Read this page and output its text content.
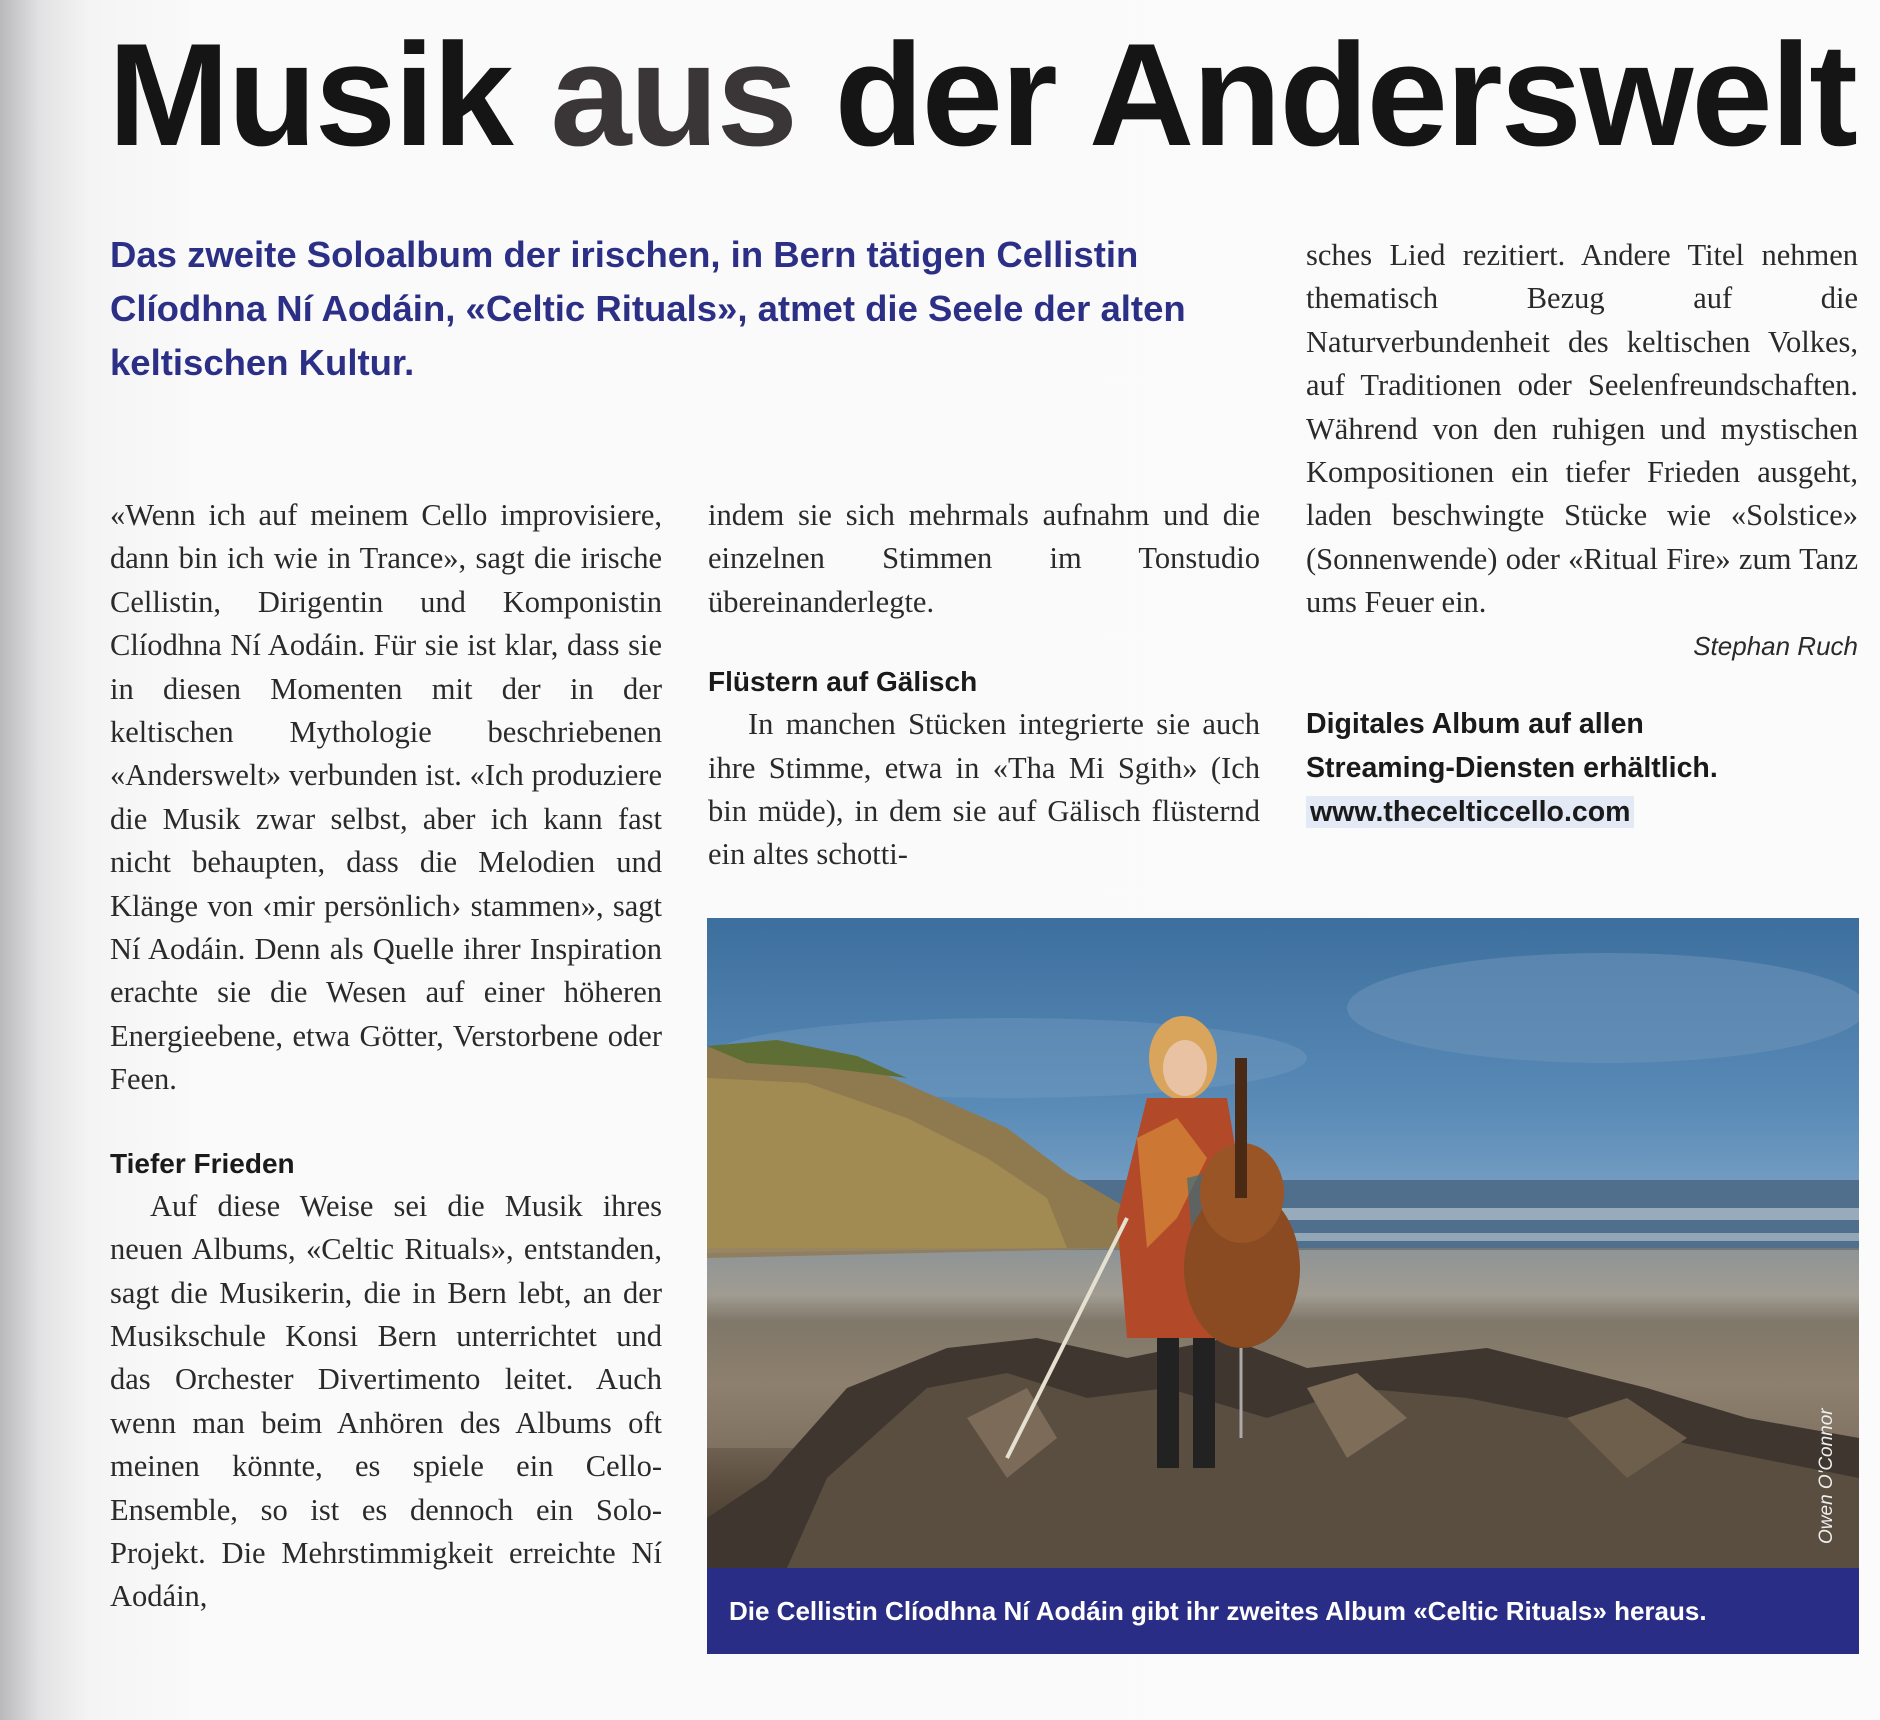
Musik aus der Anderswelt

Das zweite Soloalbum der irischen, in Bern tätigen Cellistin Clíodhna Ní Aodáin, «Celtic Rituals», atmet die Seele der alten keltischen Kultur.

«Wenn ich auf meinem Cello improvisiere, dann bin ich wie in Trance», sagt die irische Cellistin, Dirigentin und Komponistin Clíodhna Ní Aodáin. Für sie ist klar, dass sie in diesen Momenten mit der in der keltischen Mythologie beschriebenen «Anderswelt» verbunden ist. «Ich produziere die Musik zwar selbst, aber ich kann fast nicht behaupten, dass die Melodien und Klänge von ‹mir persönlich› stammen», sagt Ní Aodáin. Denn als Quelle ihrer Inspiration erachte sie die Wesen auf einer höheren Energieebene, etwa Götter, Verstorbene oder Feen.

Tiefer Frieden

Auf diese Weise sei die Musik ihres neuen Albums, «Celtic Rituals», entstanden, sagt die Musikerin, die in Bern lebt, an der Musikschule Konsi Bern unterrichtet und das Orchester Divertimento leitet. Auch wenn man beim Anhören des Albums oft meinen könnte, es spiele ein Cello-Ensemble, so ist es dennoch ein Solo-Projekt. Die Mehrstimmigkeit erreichte Ní Aodáin,

indem sie sich mehrmals aufnahm und die einzelnen Stimmen im Tonstudio übereinanderlegte.

Flüstern auf Gälisch

In manchen Stücken integrierte sie auch ihre Stimme, etwa in «Tha Mi Sgith» (Ich bin müde), in dem sie auf Gälisch flüsternd ein altes schotti-

sches Lied rezitiert. Andere Titel nehmen thematisch Bezug auf die Naturverbundenheit des keltischen Volkes, auf Traditionen oder Seelenfreundschaften. Während von den ruhigen und mystischen Kompositionen ein tiefer Frieden ausgeht, laden beschwingte Stücke wie «Solstice» (Sonnenwende) oder «Ritual Fire» zum Tanz ums Feuer ein.

Stephan Ruch

Digitales Album auf allen

Streaming-Diensten erhältlich.

www.thecelticcello.com

Owen O'Connor

Die Cellistin Clíodhna Ní Aodáin gibt ihr zweites Album «Celtic Rituals» heraus.
